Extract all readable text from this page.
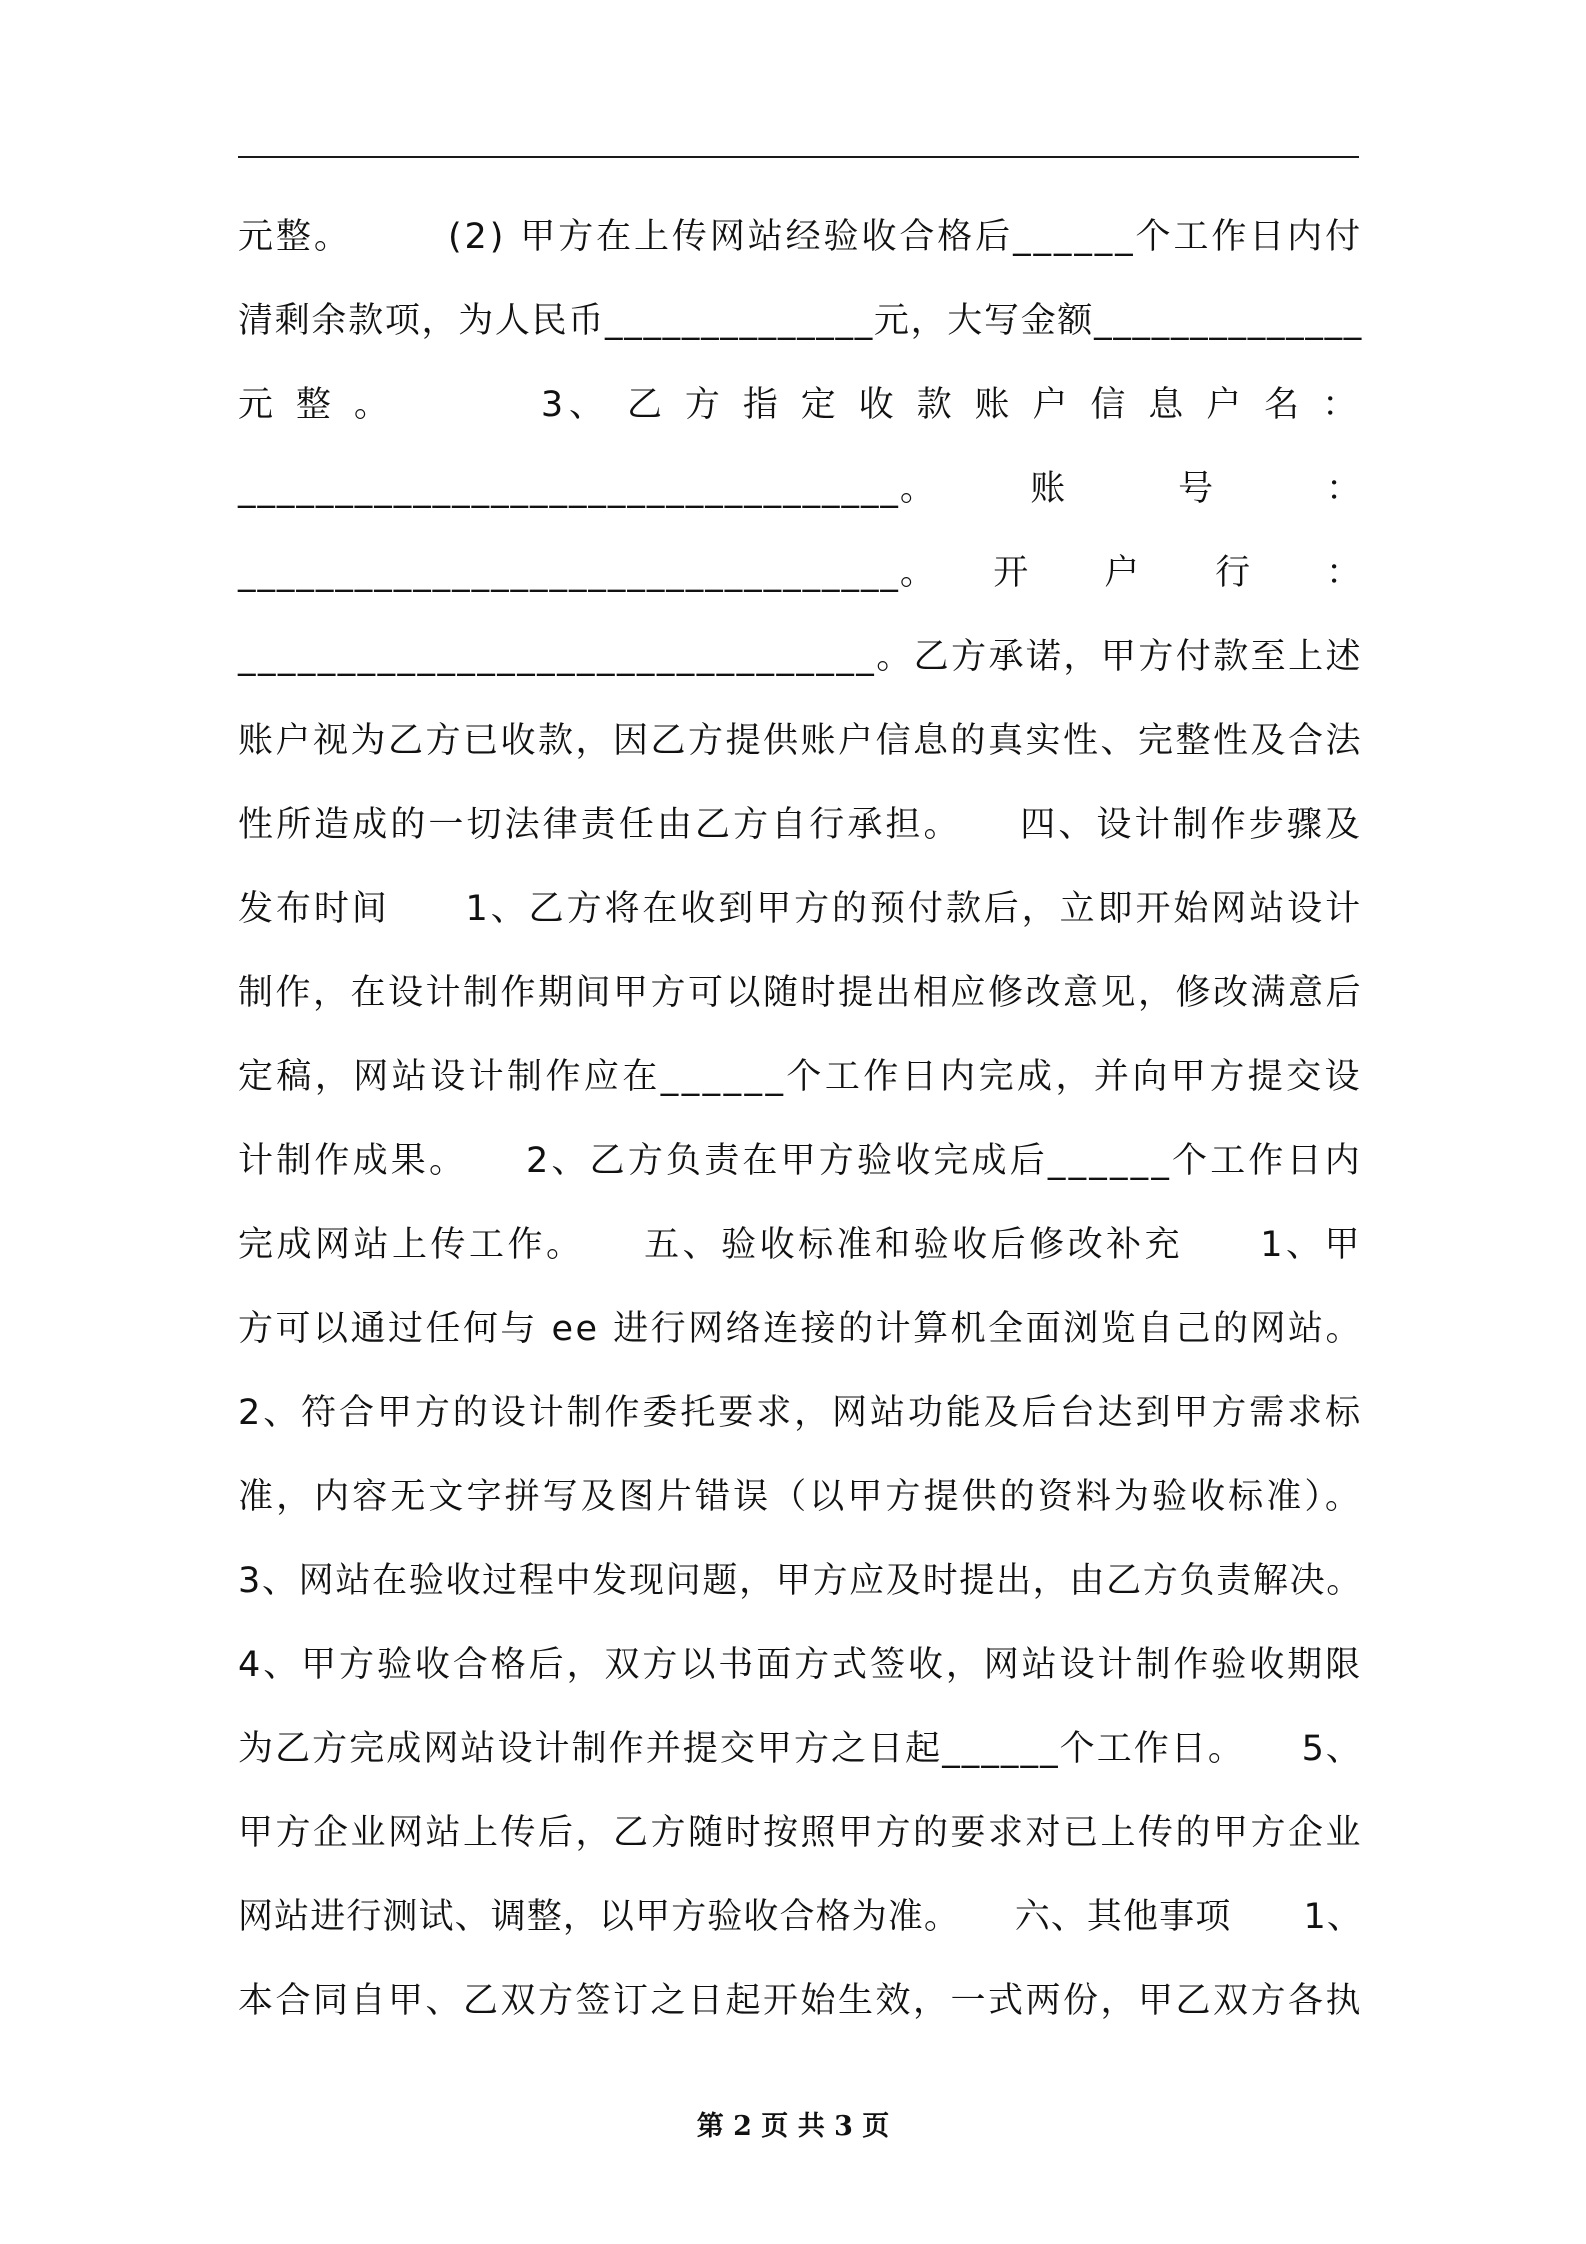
元整。　　　(2) 甲方在上传网站经验收合格后______个工作日内付
清剩余款项，为人民币______________元，大写金额______________
元 整 。　　　　3、 乙 方 指 定 收 款 账 户 信 息 户 名 ：
__________________________________。　　　账　　　号　　　：
__________________________________。　　开　　户　　行　　：
________________________________。乙方承诺，甲方付款至上述
账户视为乙方已收款，因乙方提供账户信息的真实性、完整性及合法
性所造成的一切法律责任由乙方自行承担。　　四、设计制作步骤及
发布时间　　1、乙方将在收到甲方的预付款后，立即开始网站设计
制作，在设计制作期间甲方可以随时提出相应修改意见，修改满意后
定稿，网站设计制作应在______个工作日内完成，并向甲方提交设
计制作成果。　　2、乙方负责在甲方验收完成后______个工作日内
完成网站上传工作。　　五、验收标准和验收后修改补充　　1、甲
方可以通过任何与 ee 进行网络连接的计算机全面浏览自己的网站。
2、符合甲方的设计制作委托要求，网站功能及后台达到甲方需求标
准，内容无文字拼写及图片错误（以甲方提供的资料为验收标准）。
3、网站在验收过程中发现问题，甲方应及时提出，由乙方负责解决。
4、甲方验收合格后，双方以书面方式签收，网站设计制作验收期限
为乙方完成网站设计制作并提交甲方之日起______个工作日。　　5、
甲方企业网站上传后，乙方随时按照甲方的要求对已上传的甲方企业
网站进行测试、调整，以甲方验收合格为准。　　六、其他事项　　1、
本合同自甲、乙双方签订之日起开始生效，一式两份，甲乙双方各执
第 2 页 共 3 页
